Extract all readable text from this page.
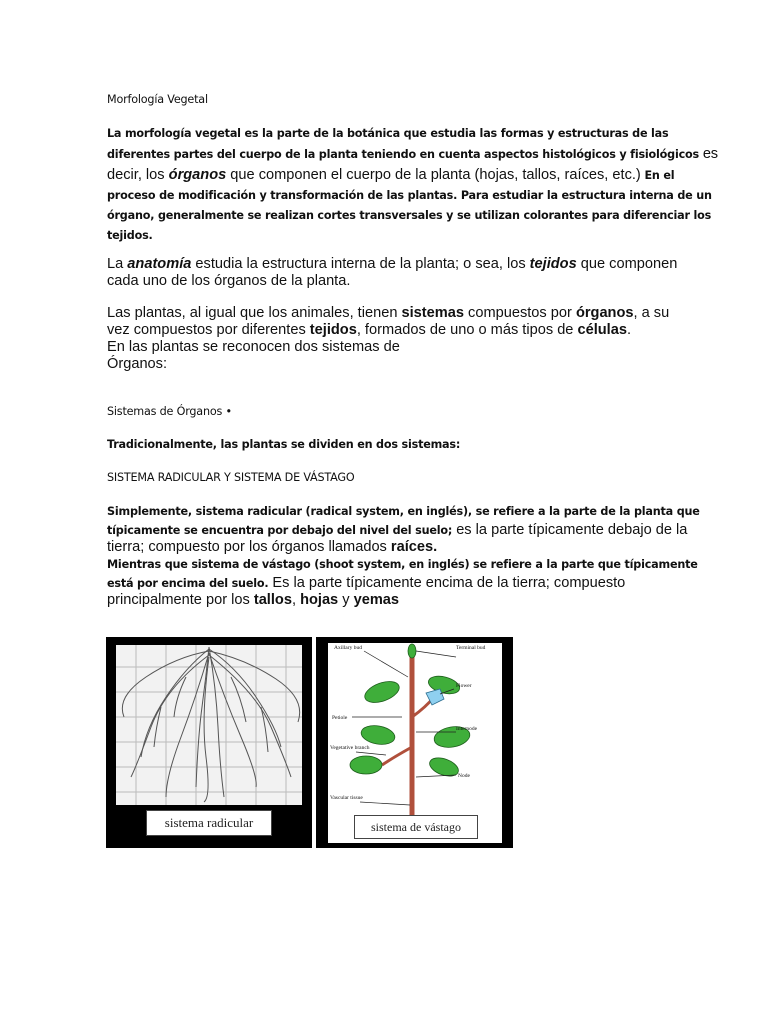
Morfología Vegetal

La morfología vegetal es la parte de la botánica que estudia las formas y estructuras de las

diferentes partes del cuerpo de la planta teniendo en cuenta aspectos histológicos y fisiológicos es

decir, los órganos que componen el cuerpo de la planta (hojas, tallos, raíces, etc.) En el

proceso de modificación y transformación de las plantas. Para estudiar la estructura interna de un

órgano, generalmente se realizan cortes transversales y se utilizan colorantes para diferenciar los

tejidos.

La anatomía estudia la estructura interna de la planta; o sea, los tejidos que componen

cada uno de los órganos de la planta.

Las plantas, al igual que los animales, tienen sistemas compuestos por órganos, a su

vez compuestos por diferentes tejidos, formados de uno o más tipos de células.

En las plantas se reconocen dos sistemas de

Órganos:

Sistemas de Órganos •

Tradicionalmente, las plantas se dividen en dos sistemas:

SISTEMA RADICULAR Y SISTEMA DE VÁSTAGO

Simplemente, sistema radicular (radical system, en inglés), se refiere a la parte de la planta que

típicamente se encuentra por debajo del nivel del suelo; es la parte típicamente debajo de la

tierra; compuesto por los órganos llamados raíces.

Mientras que sistema de vástago (shoot system, en inglés) se refiere a la parte que típicamente

está por encima del suelo. Es la parte típicamente encima de la tierra; compuesto

principalmente por los tallos, hojas y yemas

sistema radicular
Axillary bud	Terminal bud
Flower
Petiole
Internode
Vegetative branch
Node
Vascular tissue
sistema de vástago
